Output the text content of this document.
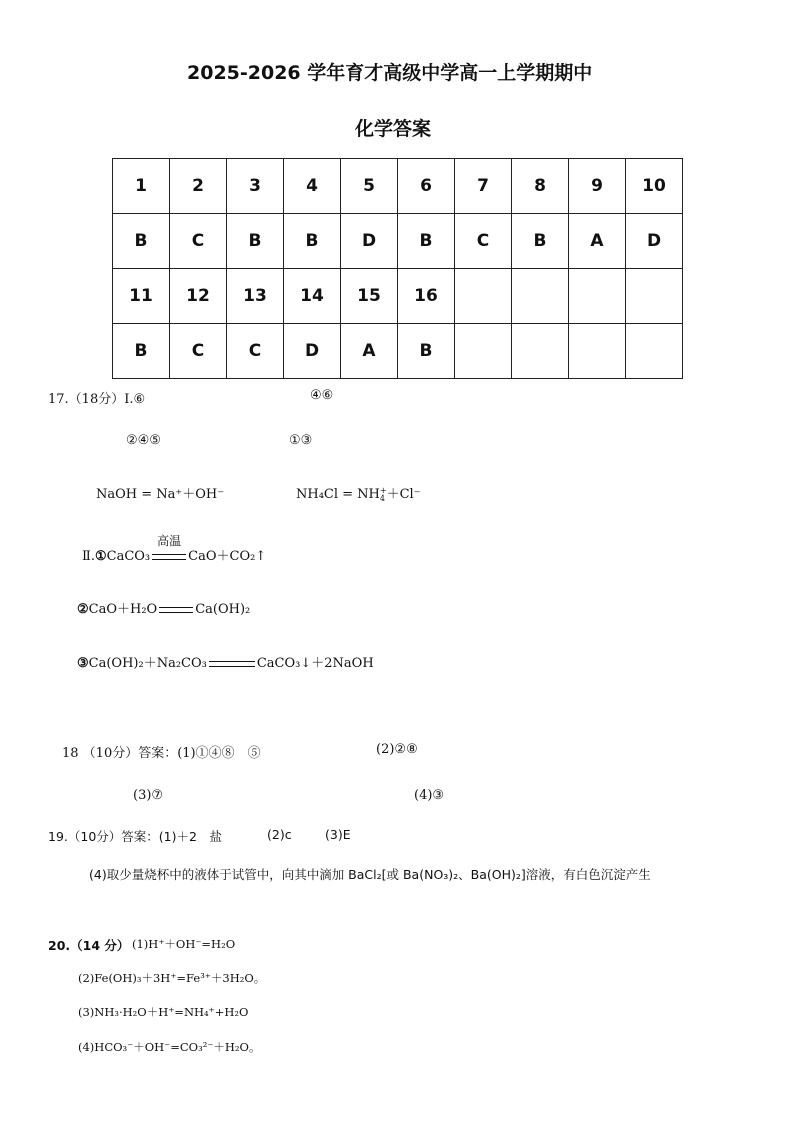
2025-2026 学年育才高级中学高一上学期期中
化学答案
1	2	3	4	5	6	7	8	9	10
B	C	B	B	D	B	C	B	A	D
11	12	13	14	15	16				
B	C	C	D	A	B				
17.（18分）Ⅰ.⑥	④⑥
②④⑤	①③
NaOH = Na⁺＋OH⁻	NH₄Cl = NH +
4 ＋Cl⁻
Ⅱ.①CaCO₃
高温
CaO＋CO₂↑
②CaO＋H₂O	Ca(OH)₂
③Ca(OH)₂＋Na₂CO₃	CaCO₃↓＋2NaOH
18 （10分）答案：(1)①④⑧　⑤	(2)②⑧
(3)⑦	(4)③
19.（10分）答案：(1)＋2　盐	(2)c	(3)E
(4)取少量烧杯中的液体于试管中，向其中滴加 BaCl₂[或 Ba(NO₃)₂、Ba(OH)₂]溶液，有白色沉淀产生
20.（14 分） (1)H⁺＋OH⁻=H₂O
(2)Fe(OH)₃＋3H⁺=Fe³⁺＋3H₂O。
(3)NH₃·H₂O＋H⁺=NH₄⁺+H₂O
(4)HCO₃⁻＋OH⁻=CO₃²⁻＋H₂O。
